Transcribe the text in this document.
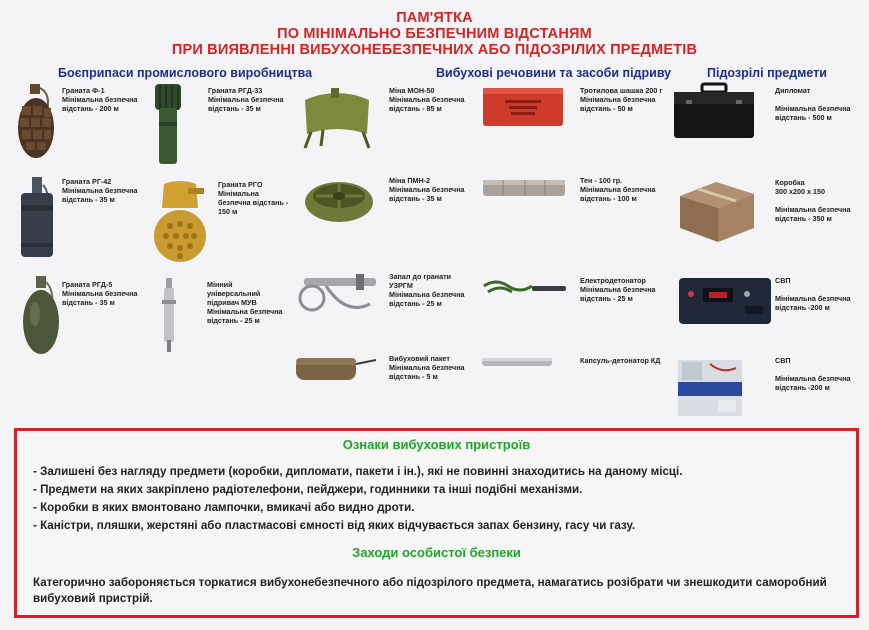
ПАМ'ЯТКА
ПО МІНІМАЛЬНО БЕЗПЕЧНИМ ВІДСТАНЯМ
ПРИ ВИЯВЛЕННІ ВИБУХОНЕБЕЗПЕЧНИХ АБО ПІДОЗРІЛИХ ПРЕДМЕТІВ
Боєприпаси промислового виробництва	Вибухові речовини та засоби підриву	Підозрілі предмети
Граната Ф-1
Мінімальна безпечна
відстань - 200 м
Граната РГД-33
Мінімальна безпечна
відстань - 35 м
Міна МОН-50
Мінімальна безпечна
відстань - 85 м
Тротилова шашка 200 г
Мінімальна безпечна
відстань - 50 м
Дипломат

Мінімальна безпечна
відстань - 500 м
Граната РГ-42
Мінімальна безпечна
відстань - 35 м
Граната РГО
Мінімальна
безпечна відстань -
150 м
Міна ПМН-2
Мінімальна безпечна
відстань - 35 м
Тен - 100 гр.
Мінімальна безпечна
відстань - 100 м
Коробка
300 х200 х 150

Мінімальна безпечна
відстань - 350 м
Граната РГД-5
Мінімальна безпечна
відстань - 35 м
Мінний
універсальний
підривач МУВ
Мінімальна безпечна
відстань - 25 м
Запал до гранати
УЗРГМ
Мінімальна безпечна
відстань - 25 м
Електродетонатор
Мінімальна безпечна
відстань - 25 м
СВП

Мінімальна безпечна
відстань -200 м
Вибуховий пакет
Мінімальна безпечна
відстань - 5 м
Капсуль-детонатор КД	СВП

Мінімальна безпечна
відстань -200 м
Ознаки вибухових пристроїв
- Залишені без нагляду предмети (коробки, дипломати, пакети і ін.), які не повинні знаходитись на даному місці.
- Предмети на яких закріплено радіотелефони, пейджери, годинники та інші подібні механізми.
- Коробки в яких вмонтовано лампочки, вмикачі або видно дроти.
- Каністри, пляшки, жерстяні або пластмасові ємності від яких відчувається запах бензину, гасу чи газу.
Заходи особистої безпеки
Категорично забороняється торкатися вибухонебезпечного або підозрілого предмета, намагатись розібрати чи знешкодити саморобний вибуховий пристрій.
